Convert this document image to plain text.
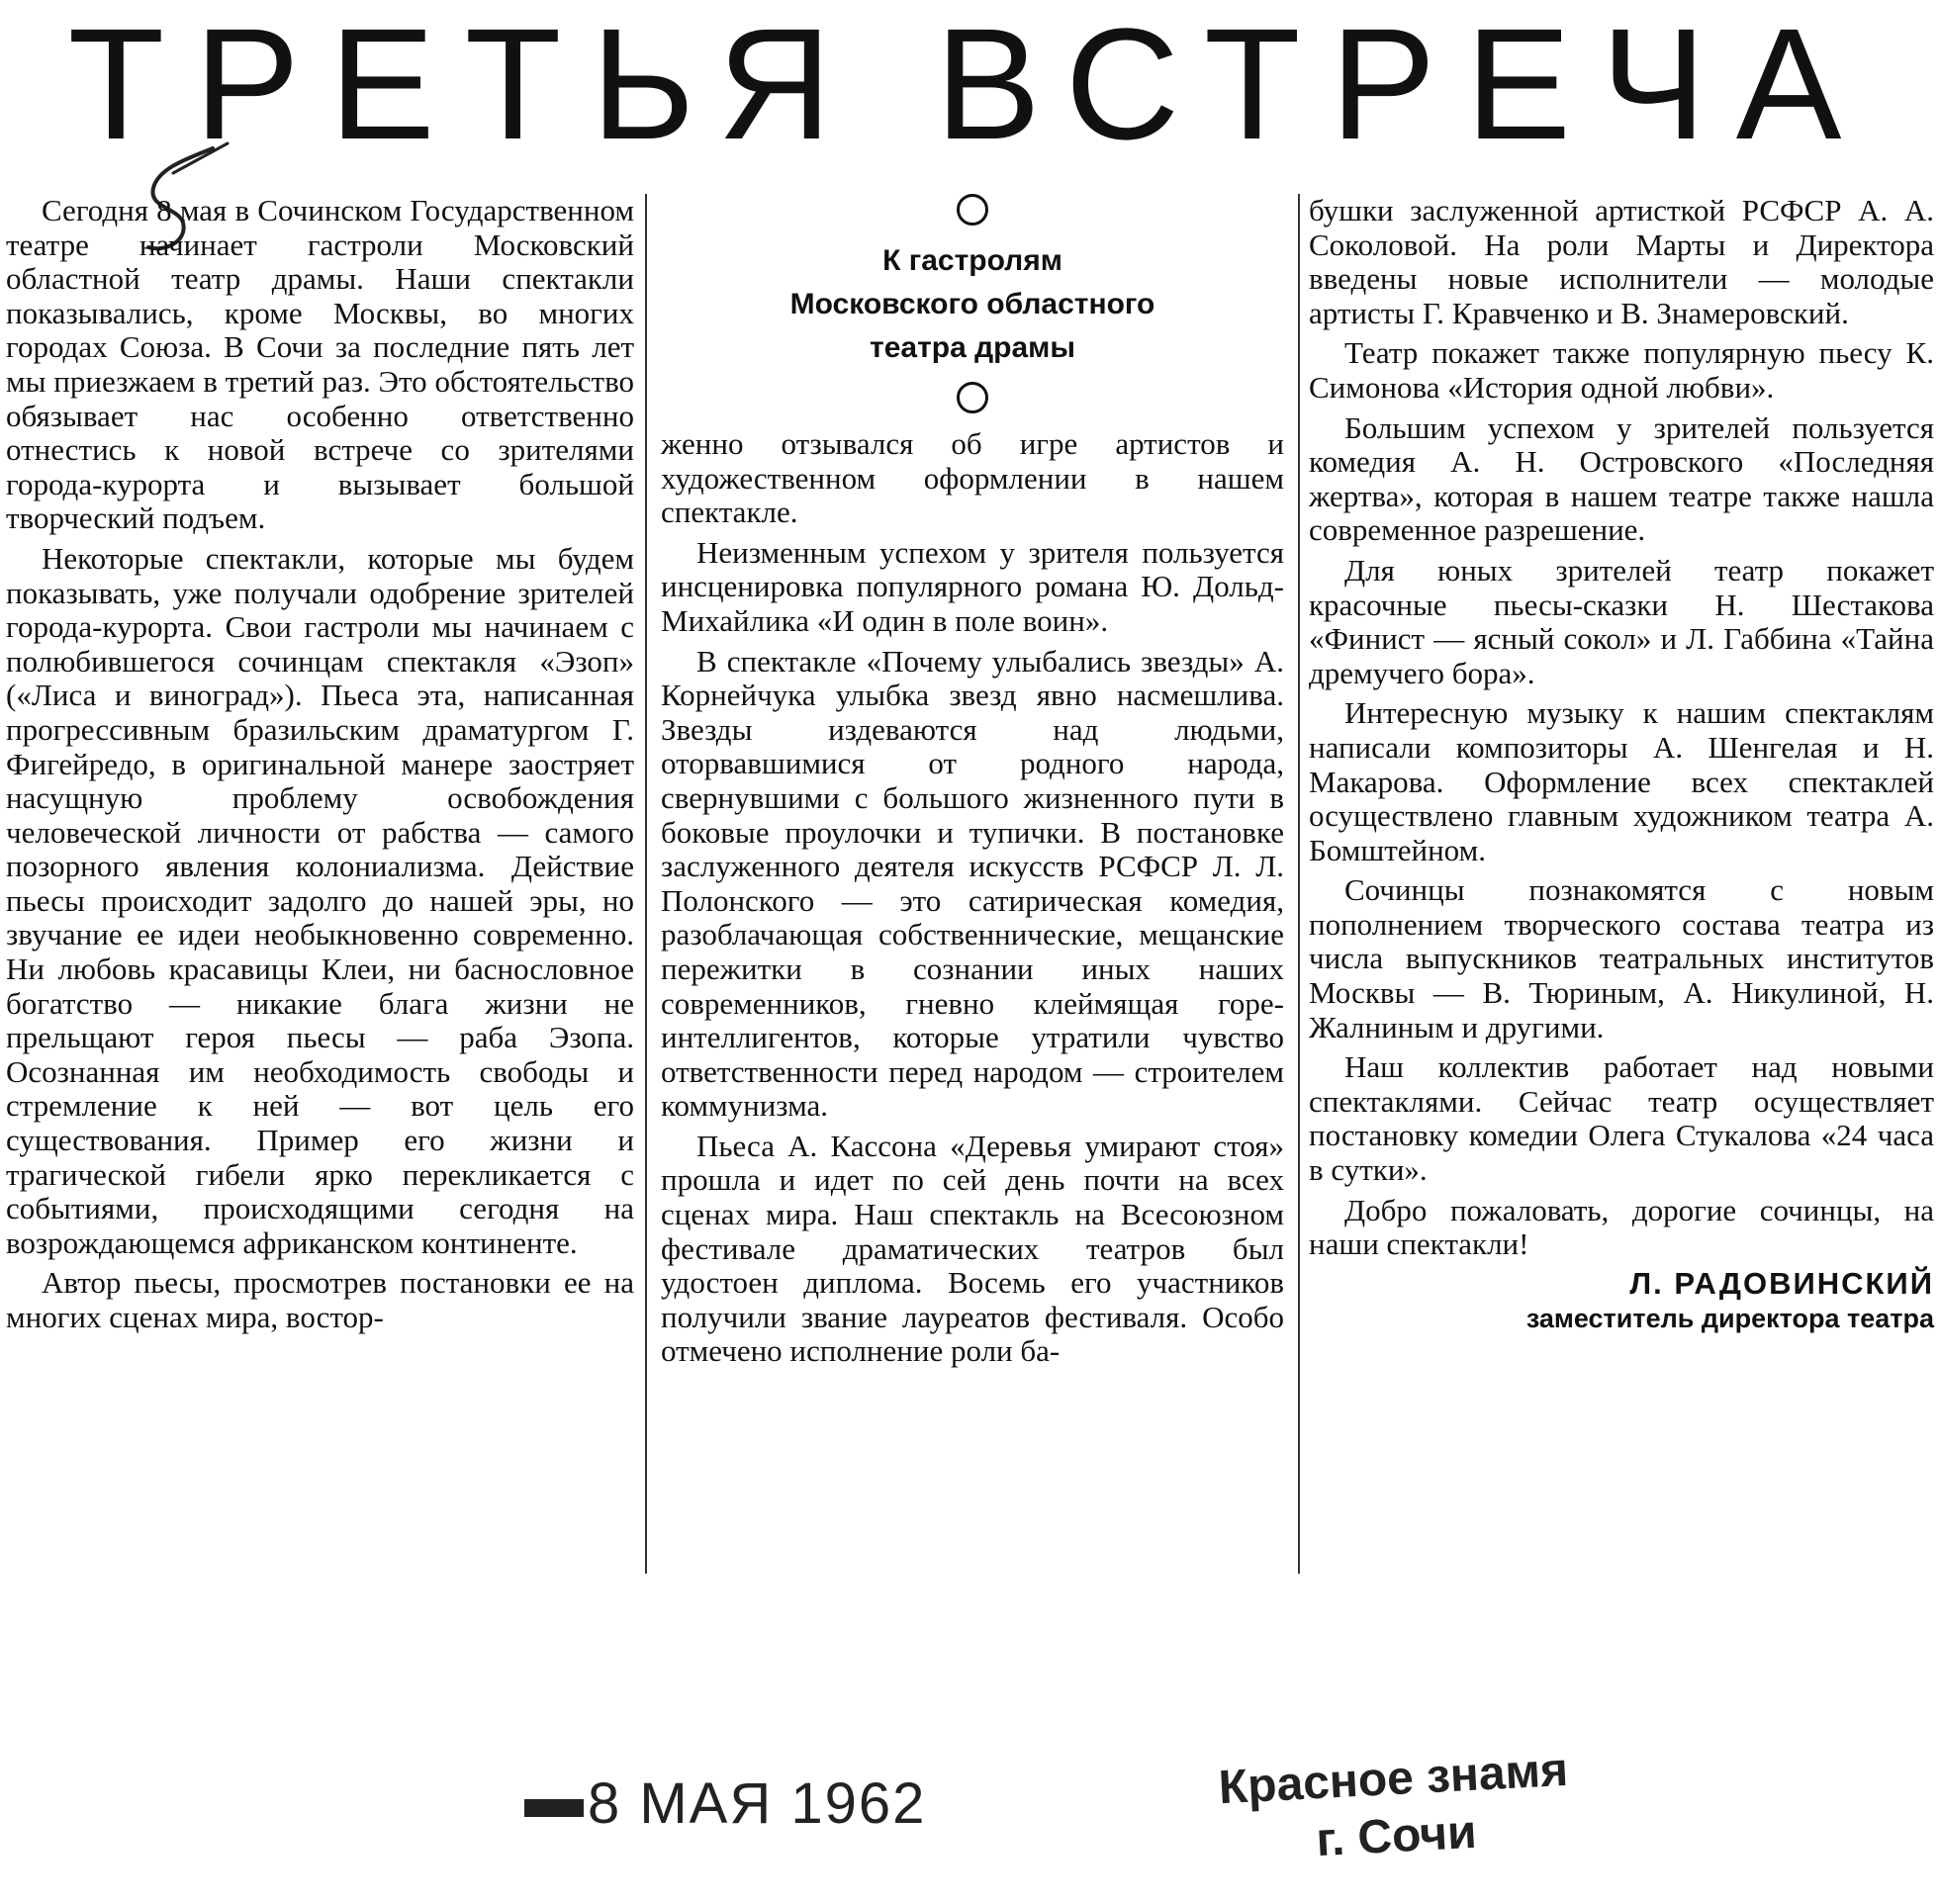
ТРЕТЬЯ ВСТРЕЧА

Сегодня 8 мая в Сочинском Государственном театре начинает гастроли Московский областной театр драмы. Наши спектакли показывались, кроме Москвы, во многих городах Союза. В Сочи за последние пять лет мы приезжаем в третий раз. Это обстоятельство обязывает нас особенно ответственно отнестись к новой встрече со зрителями города-курорта и вызывает большой творческий подъем.

Некоторые спектакли, которые мы будем показывать, уже получали одобрение зрителей города-курорта. Свои гастроли мы начинаем с полюбившегося сочинцам спектакля «Эзоп» («Лиса и виноград»). Пьеса эта, написанная прогрессивным бразильским драматургом Г. Фигейредо, в оригинальной манере заостряет насущную проблему освобождения человеческой личности от рабства — самого позорного явления колониализма. Действие пьесы происходит задолго до нашей эры, но звучание ее идеи необыкновенно современно. Ни любовь красавицы Клеи, ни баснословное богатство — никакие блага жизни не прельщают героя пьесы — раба Эзопа. Осознанная им необходимость свободы и стремление к ней — вот цель его существования. Пример его жизни и трагической гибели ярко перекликается с событиями, происходящими сегодня на возрождающемся африканском континенте.

Автор пьесы, просмотрев постановки ее на многих сценах мира, востор-

К гастролям
Московского областного
театра драмы

женно отзывался об игре артистов и художественном оформлении в нашем спектакле.

Неизменным успехом у зрителя пользуется инсценировка популярного романа Ю. Дольд-Михайлика «И один в поле воин».

В спектакле «Почему улыбались звезды» А. Корнейчука улыбка звезд явно насмешлива. Звезды издеваются над людьми, оторвавшимися от родного народа, свернувшими с большого жизненного пути в боковые проулочки и тупички. В постановке заслуженного деятеля искусств РСФСР Л. Л. Полонского — это сатирическая комедия, разоблачающая собственнические, мещанские пережитки в сознании иных наших современников, гневно клеймящая горе-интеллигентов, которые утратили чувство ответственности перед народом — строителем коммунизма.

Пьеса А. Кассона «Деревья умирают стоя» прошла и идет по сей день почти на всех сценах мира. Наш спектакль на Всесоюзном фестивале драматических театров был удостоен диплома. Восемь его участников получили звание лауреатов фестиваля. Особо отмечено исполнение роли ба-

бушки заслуженной артисткой РСФСР А. А. Соколовой. На роли Марты и Директора введены новые исполнители — молодые артисты Г. Кравченко и В. Знамеровский.

Театр покажет также популярную пьесу К. Симонова «История одной любви».

Большим успехом у зрителей пользуется комедия А. Н. Островского «Последняя жертва», которая в нашем театре также нашла современное разрешение.

Для юных зрителей театр покажет красочные пьесы-сказки Н. Шестакова «Финист — ясный сокол» и Л. Габбина «Тайна дремучего бора».

Интересную музыку к нашим спектаклям написали композиторы А. Шенгелая и Н. Макарова. Оформление всех спектаклей осуществлено главным художником театра А. Бомштейном.

Сочинцы познакомятся с новым пополнением творческого состава театра из числа выпускников театральных институтов Москвы — В. Тюриным, А. Никулиной, Н. Жалниным и другими.

Наш коллектив работает над новыми спектаклями. Сейчас театр осуществляет постановку комедии Олега Стукалова «24 часа в сутки».

Добро пожаловать, дорогие сочинцы, на наши спектакли!

Л. РАДОВИНСКИЙ
заместитель директора театра
8 МАЯ 1962	Красное знамя
г. Сочи
